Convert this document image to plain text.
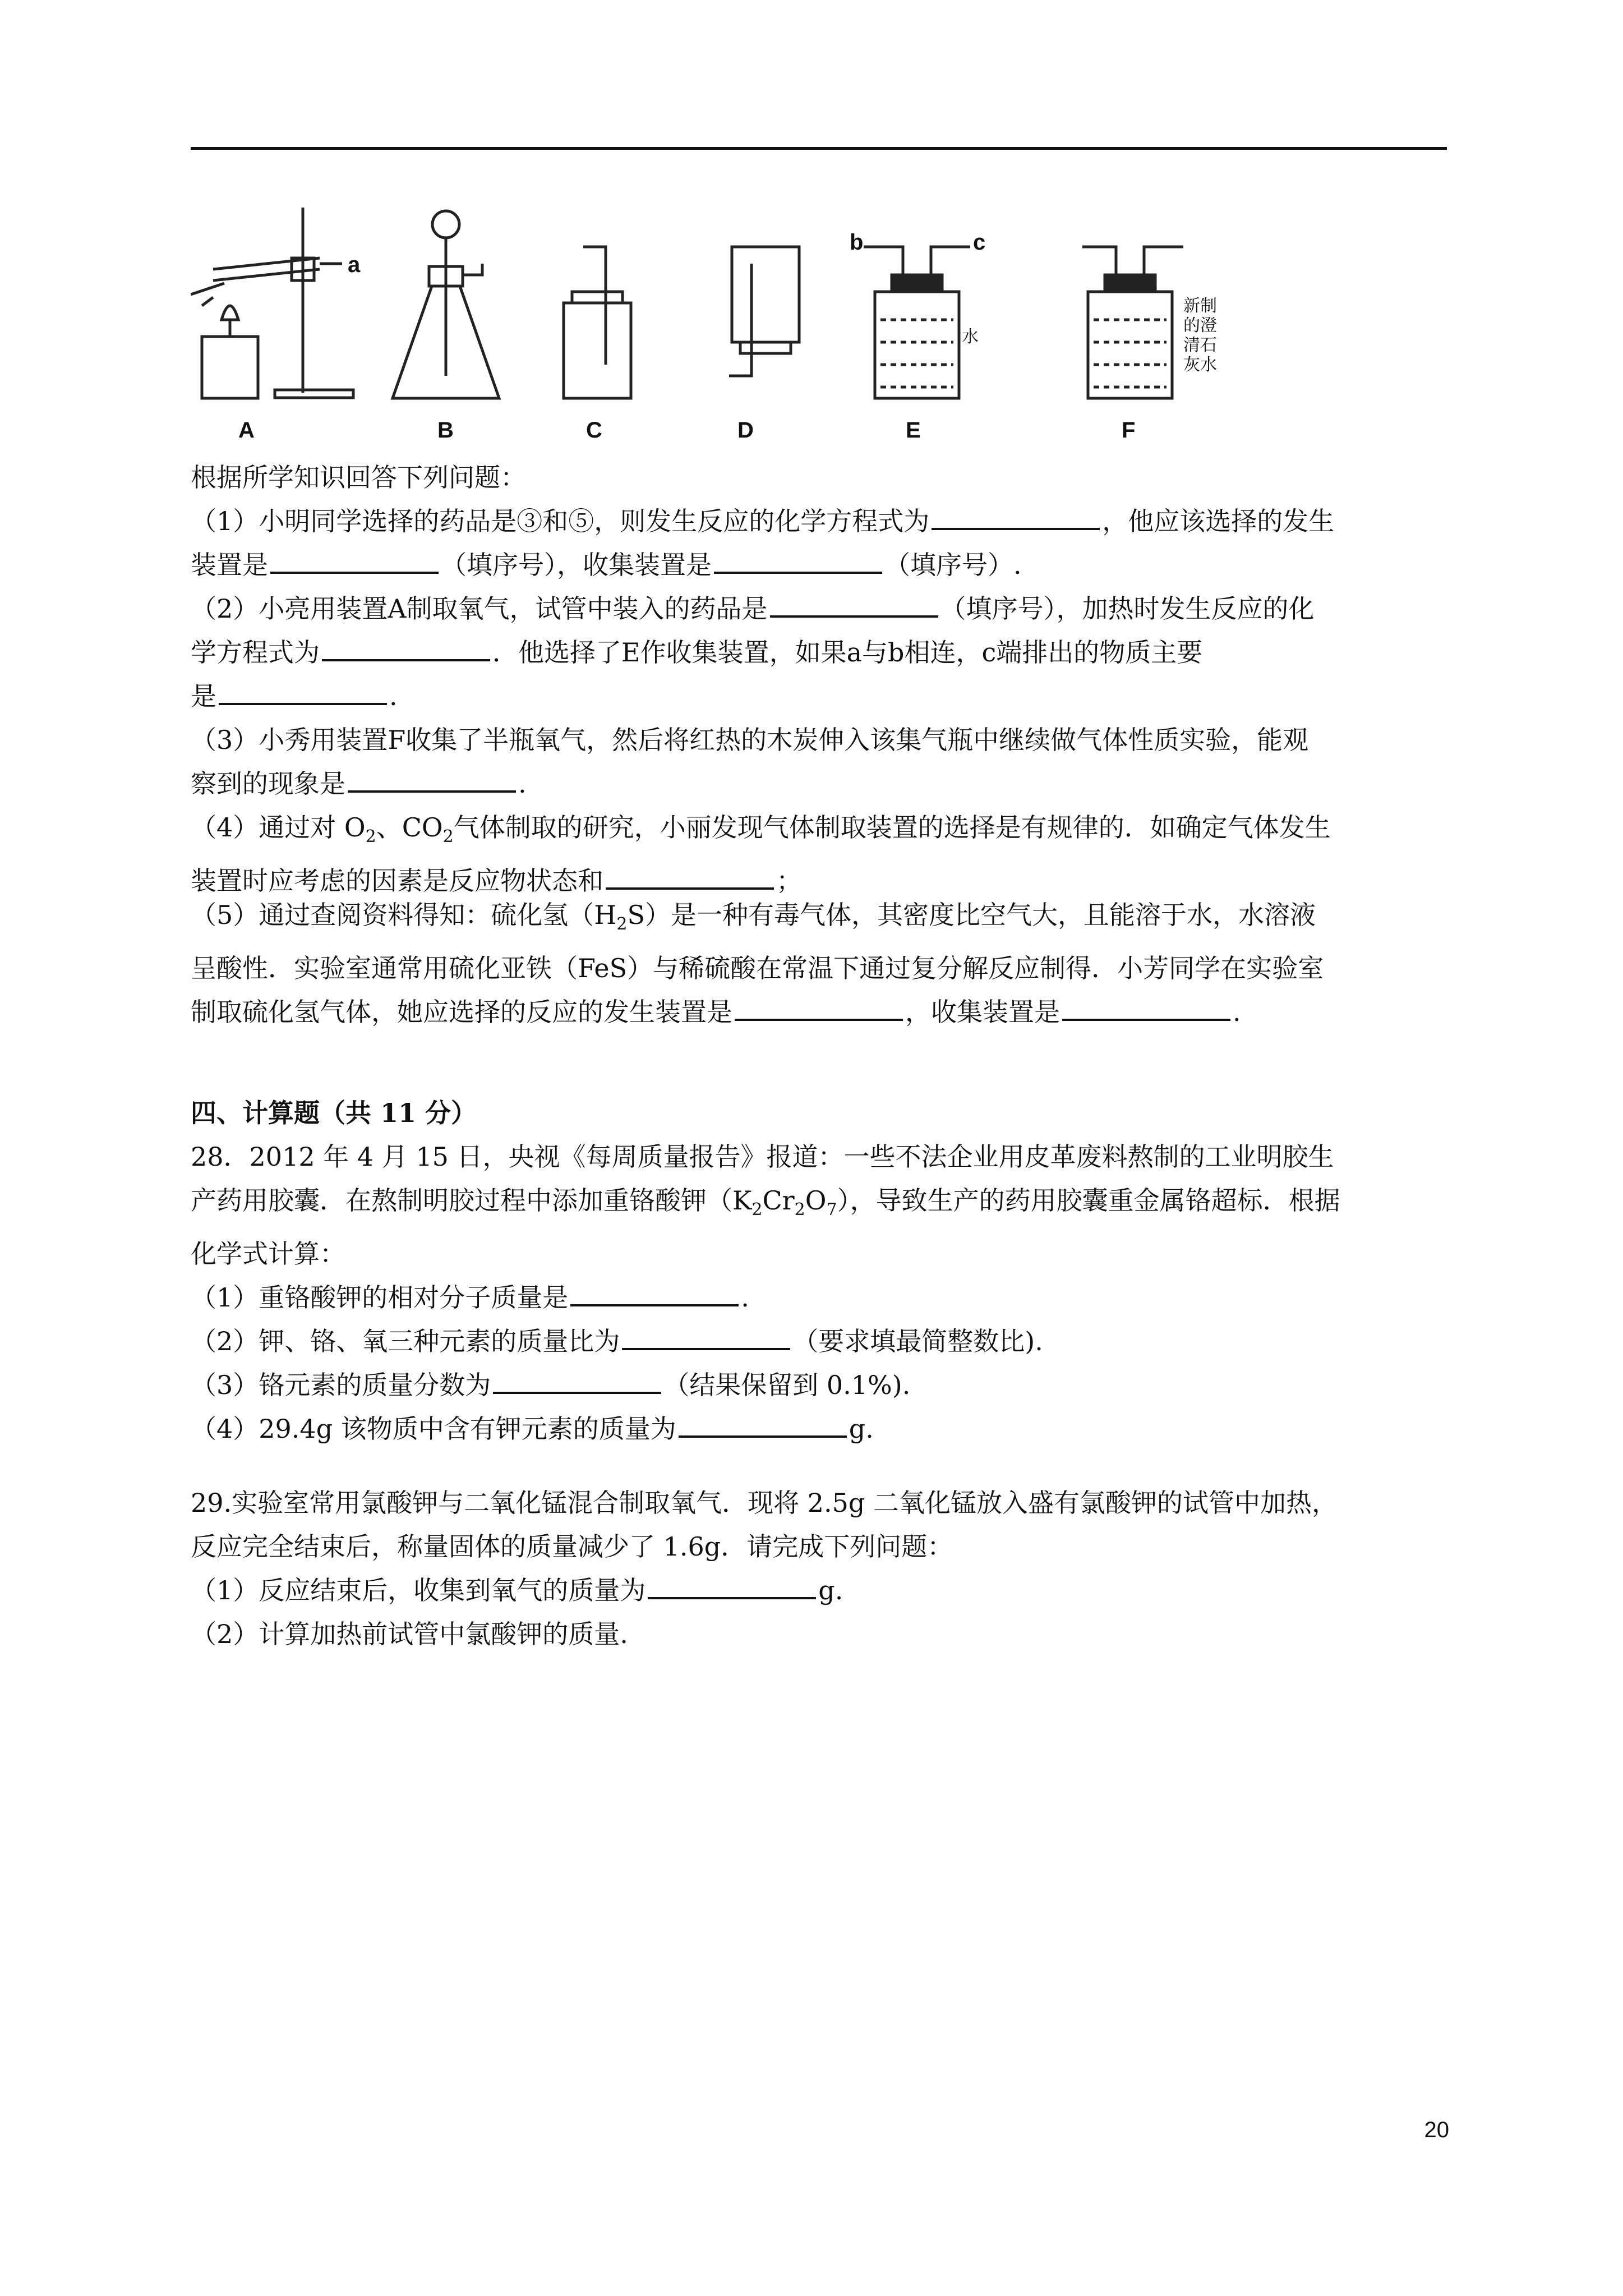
A	B	C	D	E	F
a
b	c
水
新制
的澄
清石
灰水
根据所学知识回答下列问题：
（1）小明同学选择的药品是③和⑤，则发生反应的化学方程式为	，他应该选择的发生
装置是	（填序号），收集装置是	（填序号）.
（2）小亮用装置A制取氧气，试管中装入的药品是	（填序号），加热时发生反应的化
学方程式为	．他选择了E作收集装置，如果a与b相连，c端排出的物质主要
是	.
（3）小秀用装置F收集了半瓶氧气，然后将红热的木炭伸入该集气瓶中继续做气体性质实验，能观
察到的现象是	.
（4）通过对 $O_2$、$CO_2$气体制取的研究，小丽发现气体制取装置的选择是有规律的．如确定气体发生
装置时应考虑的因素是反应物状态和	；
（5）通过查阅资料得知：硫化氢$(H_2S)$是一种有毒气体，其密度比空气大，且能溶于水，水溶液
呈酸性．实验室通常用硫化亚铁（FeS）与稀硫酸在常温下通过复分解反应制得．小芳同学在实验室
制取硫化氢气体，她应选择的反应的发生装置是	，收集装置是	.
四、计算题（共 11 分）
28．2012 年 4 月 15 日，央视《每周质量报告》报道：一些不法企业用皮革废料熬制的工业明胶生
产药用胶囊．在熬制明胶过程中添加重铬酸钾$(K_2Cr_2O_7)$，导致生产的药用胶囊重金属铬超标．根据
化学式计算：
（1）重铬酸钾的相对分子质量是	.
（2）钾、铬、氧三种元素的质量比为	（要求填最简整数比).
（3）铬元素的质量分数为	（结果保留到 0.1%).
（4）29.4g 该物质中含有钾元素的质量为	g.
29.实验室常用氯酸钾与二氧化锰混合制取氧气．现将 2.5g 二氧化锰放入盛有氯酸钾的试管中加热，
反应完全结束后，称量固体的质量减少了 1.6g．请完成下列问题：
（1）反应结束后，收集到氧气的质量为	g.
（2）计算加热前试管中氯酸钾的质量.
20
